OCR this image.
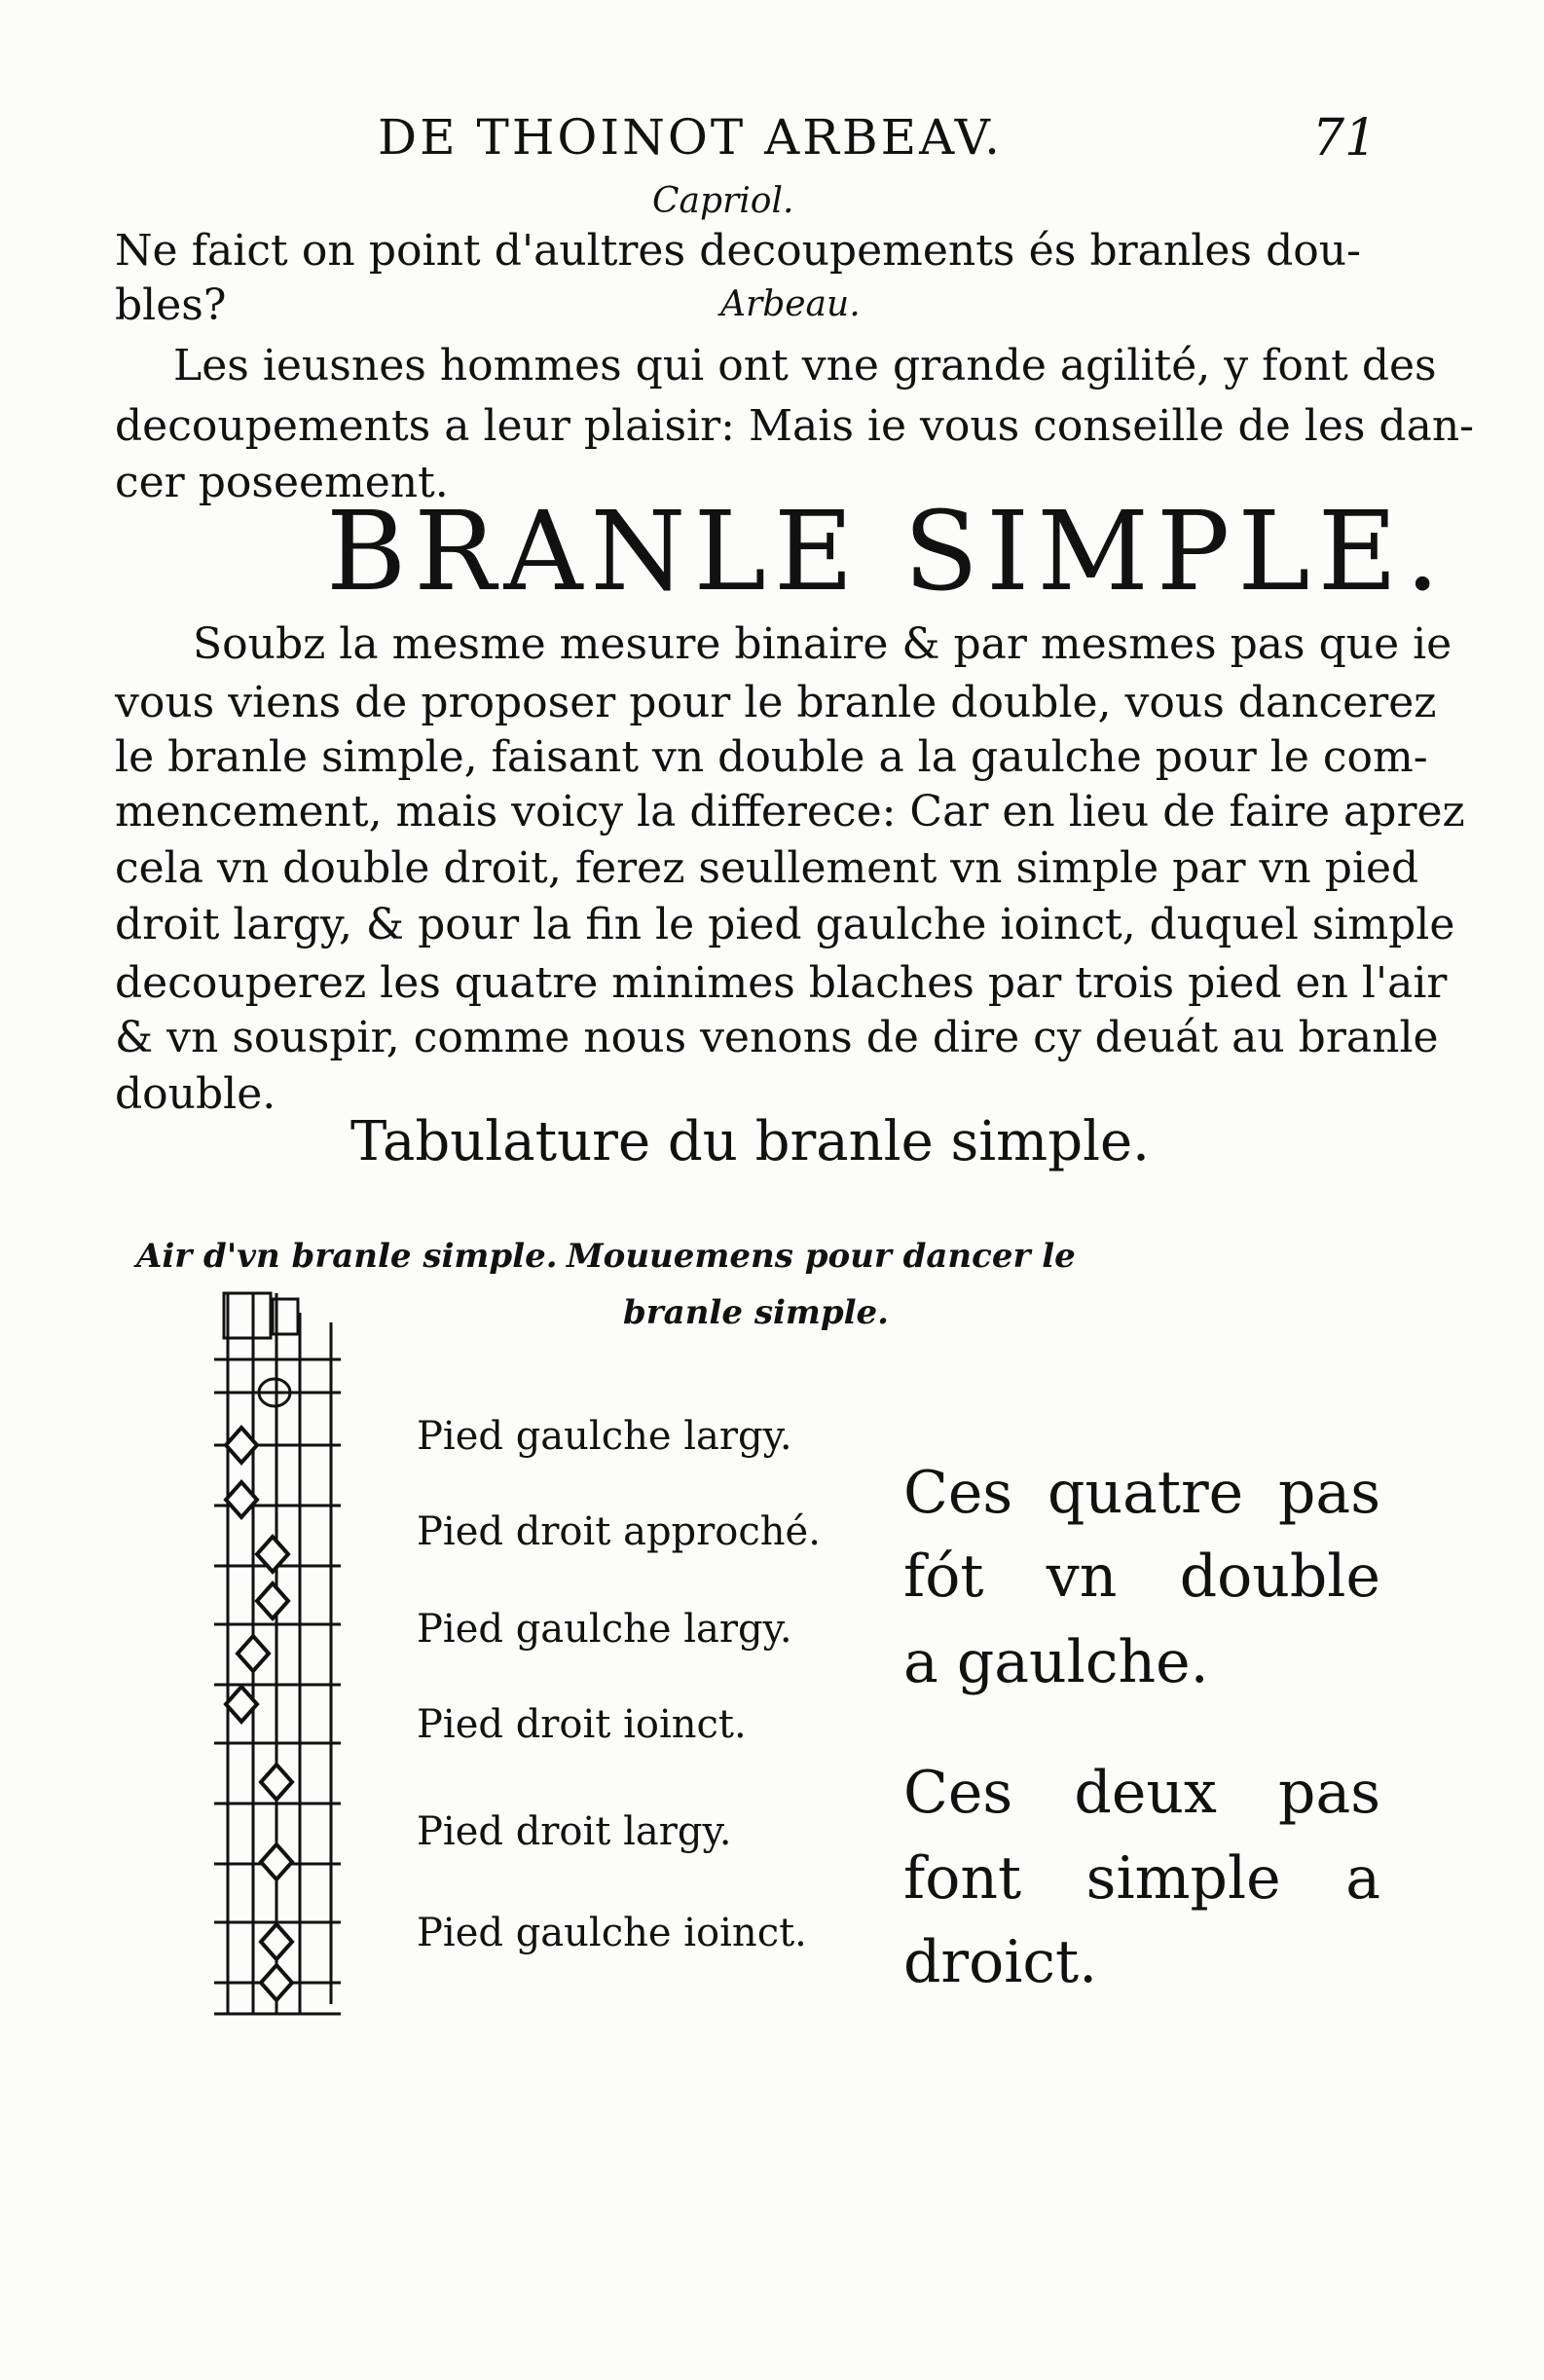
DE THOINOT ARBEAV.	71
Capriol.
Ne faict on point d'aultres decoupements és branles dou-
bles?	Arbeau.
Les ieusnes hommes qui ont vne grande agilité, y font des
decoupements a leur plaisir: Mais ie vous conseille de les dan-
cer poseement.
BRANLE SIMPLE.
Soubz la mesme mesure binaire & par mesmes pas que ie
vous viens de proposer pour le branle double, vous dancerez
le branle simple, faisant vn double a la gaulche pour le com-
mencement, mais voicy la differece: Car en lieu de faire aprez
cela vn double droit, ferez seullement vn simple par vn pied
droit largy, & pour la fin le pied gaulche ioinct, duquel simple
decouperez les quatre minimes blaches par trois pied en l'air
& vn souspir, comme nous venons de dire cy deuát au branle
double.
Tabulature du branle simple.
Air d'vn branle simple. Mouuemens pour dancer le
branle simple.
Pied gaulche largy.
Pied droit approché.
Pied gaulche largy.
Pied droit ioinct.
Pied droit largy.
Pied gaulche ioinct.
Ces quatre pas
fót vn double
a gaulche.
Ces deux pas
font simple a
droict.
